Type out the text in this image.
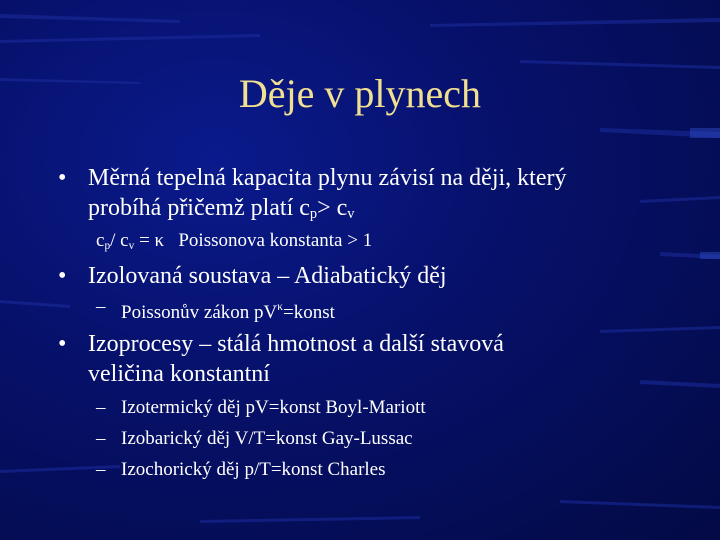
Děje v plynech
• Měrná tepelná kapacita plynu závisí na ději, který
probíhá přičemž platí $c_p> c_v$
$c_p/$ $c_v = \kappa$   Poissonova konstanta > 1
• Izolovaná soustava – Adiabatický děj
– Poissonův zákon $pV^\kappa=konst$
• Izoprocesy – stálá hmotnost a další stavová
veličina konstantní
– Izotermický děj pV=konst Boyl-Mariott
– Izobarický děj V/T=konst Gay-Lussac
– Izochorický děj p/T=konst Charles
